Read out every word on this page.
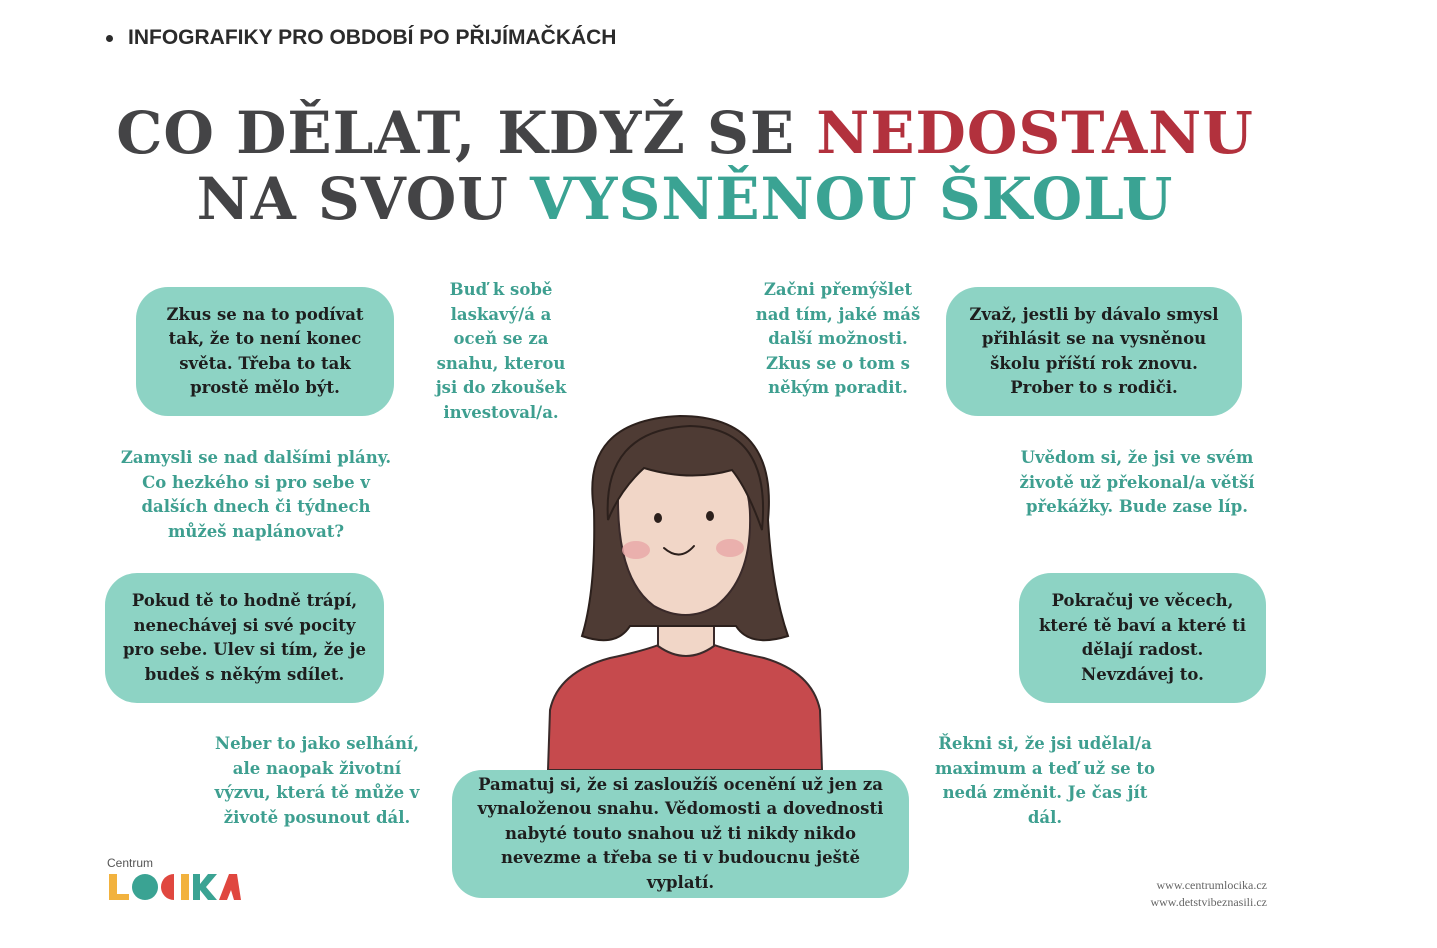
INFOGRAFIKY PRO OBDOBÍ PO PŘIJÍMAČKÁCH
CO DĚLAT, KDYŽ SE NEDOSTANU
NA SVOU VYSNĚNOU ŠKOLU
Zkus se na to podívat tak, že to není konec světa. Třeba to tak prostě mělo být.
Zvaž, jestli by dávalo smysl přihlásit se na vysněnou školu příští rok znovu. Prober to s rodiči.
Pokud tě to hodně trápí, nenechávej si své pocity pro sebe. Ulev si tím, že je budeš s někým sdílet.
Pokračuj ve věcech, které tě baví a které ti dělají radost. Nevzdávej to.
Buď k sobě laskavý/á a oceň se za snahu, kterou jsi do zkoušek investoval/a.
Začni přemýšlet nad tím, jaké máš další možnosti. Zkus se o tom s někým poradit.
Zamysli se nad dalšími plány. Co hezkého si pro sebe v dalších dnech či týdnech můžeš naplánovat?
Uvědom si, že jsi ve svém životě už překonal/a větší překážky. Bude zase líp.
Neber to jako selhání, ale naopak životní výzvu, která tě může v životě posunout dál.
Řekni si, že jsi udělal/a maximum a teď už se to nedá změnit. Je čas jít dál.
Pamatuj si, že si zasloužíš ocenění už jen za vynaloženou snahu. Vědomosti a dovednosti nabyté touto snahou už ti nikdy nikdo nevezme a třeba se ti v budoucnu ještě vyplatí.
Centrum
www.centrumlocika.cz
www.detstvibeznasili.cz
